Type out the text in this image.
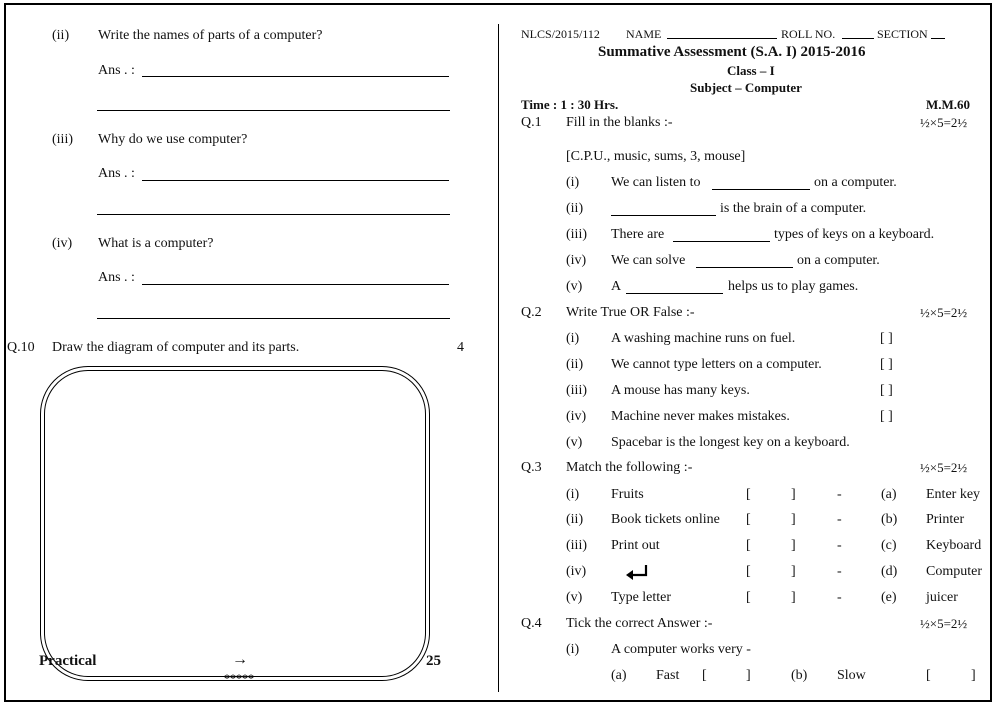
(ii) Write the names of parts of a computer?
Ans . :
(iii) Why do we use computer?
Ans . :
(iv) What is a computer?
Ans . :
Q.10 Draw the diagram of computer and its parts.	4
Practical	→
*****
25
NLCS/2015/112 NAME	ROLL NO.	SECTION
Summative Assessment (S.A. I) 2015-2016
Class – I
Subject – Computer
Time : 1 : 30 Hrs.	M.M.60
Q.1 Fill in the blanks :-	½×5=2½
[C.P.U., music, sums, 3, mouse]
(i) We can listen to	on a computer.
(ii)	is the brain of a computer.
(iii) There are	types of keys on a keyboard.
(iv) We can solve	on a computer.
(v) A	helps us to play games.
Q.2 Write True OR False :-	½×5=2½
(i) A washing machine runs on fuel.	[ ]
(ii) We cannot type letters on a computer.	[ ]
(iii) A mouse has many keys.	[ ]
(iv) Machine never makes mistakes.	[ ]
(v) Spacebar is the longest key on a keyboard.
Q.3 Match the following :-	½×5=2½
(i) Fruits	[	]	-	(a) Enter key
(ii) Book tickets online [	]	-	(b) Printer
(iii) Print out	[	]	-	(c) Keyboard
(iv)	[	]	-	(d) Computer
(v) Type letter	[	]	-	(e) juicer
Q.4 Tick the correct Answer :-	½×5=2½
(i) A computer works very -
(a) Fast [	]	(b) Slow	[	]
